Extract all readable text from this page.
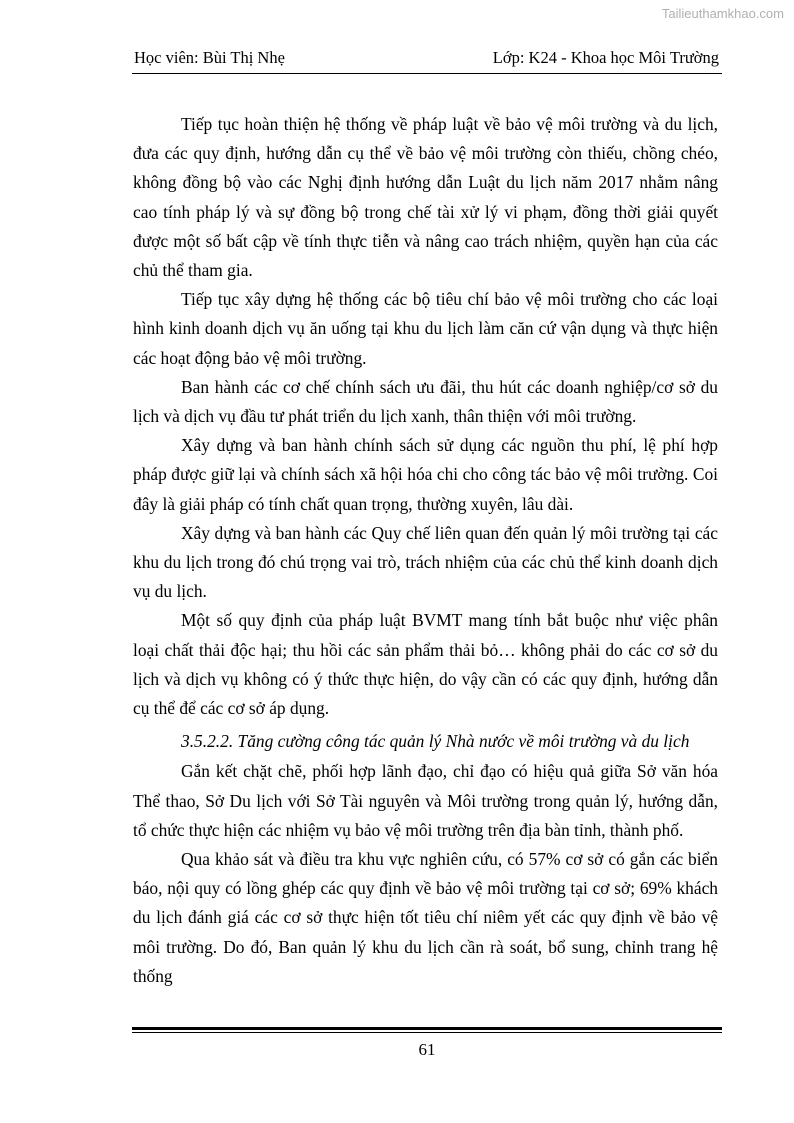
Tailieuthamkhao.com
Học viên: Bùi Thị Nhẹ	Lớp: K24 - Khoa học Môi Trường

Tiếp tục hoàn thiện hệ thống về pháp luật về bảo vệ môi trường và du lịch, đưa các quy định, hướng dẫn cụ thể về bảo vệ môi trường còn thiếu, chồng chéo, không đồng bộ vào các Nghị định hướng dẫn Luật du lịch năm 2017 nhằm nâng cao tính pháp lý và sự đồng bộ trong chế tài xử lý vi phạm, đồng thời giải quyết được một số bất cập về tính thực tiễn và nâng cao trách nhiệm, quyền hạn của các chủ thể tham gia.

Tiếp tục xây dựng hệ thống các bộ tiêu chí bảo vệ môi trường cho các loại hình kinh doanh dịch vụ ăn uống tại khu du lịch làm căn cứ vận dụng và thực hiện các hoạt động bảo vệ môi trường.

Ban hành các cơ chế chính sách ưu đãi, thu hút các doanh nghiệp/cơ sở du lịch và dịch vụ đầu tư phát triển du lịch xanh, thân thiện với môi trường.

Xây dựng và ban hành chính sách sử dụng các nguồn thu phí, lệ phí hợp pháp được giữ lại và chính sách xã hội hóa chi cho công tác bảo vệ môi trường. Coi đây là giải pháp có tính chất quan trọng, thường xuyên, lâu dài.

Xây dựng và ban hành các Quy chế liên quan đến quản lý môi trường tại các khu du lịch trong đó chú trọng vai trò, trách nhiệm của các chủ thể kinh doanh dịch vụ du lịch.

Một số quy định của pháp luật BVMT mang tính bắt buộc như việc phân loại chất thải độc hại; thu hồi các sản phẩm thải bỏ… không phải do các cơ sở du lịch và dịch vụ không có ý thức thực hiện, do vậy cần có các quy định, hướng dẫn cụ thể để các cơ sở áp dụng.

3.5.2.2. Tăng cường công tác quản lý Nhà nước về môi trường và du lịch

Gắn kết chặt chẽ, phối hợp lãnh đạo, chỉ đạo có hiệu quả giữa Sở văn hóa Thể thao, Sở Du lịch với Sở Tài nguyên và Môi trường trong quản lý, hướng dẫn, tổ chức thực hiện các nhiệm vụ bảo vệ môi trường trên địa bàn tỉnh, thành phố.

Qua khảo sát và điều tra khu vực nghiên cứu, có 57% cơ sở có gắn các biển báo, nội quy có lồng ghép các quy định về bảo vệ môi trường tại cơ sở; 69% khách du lịch đánh giá các cơ sở thực hiện tốt tiêu chí niêm yết các quy định về bảo vệ môi trường. Do đó, Ban quản lý khu du lịch cần rà soát, bổ sung, chỉnh trang hệ thống

61
